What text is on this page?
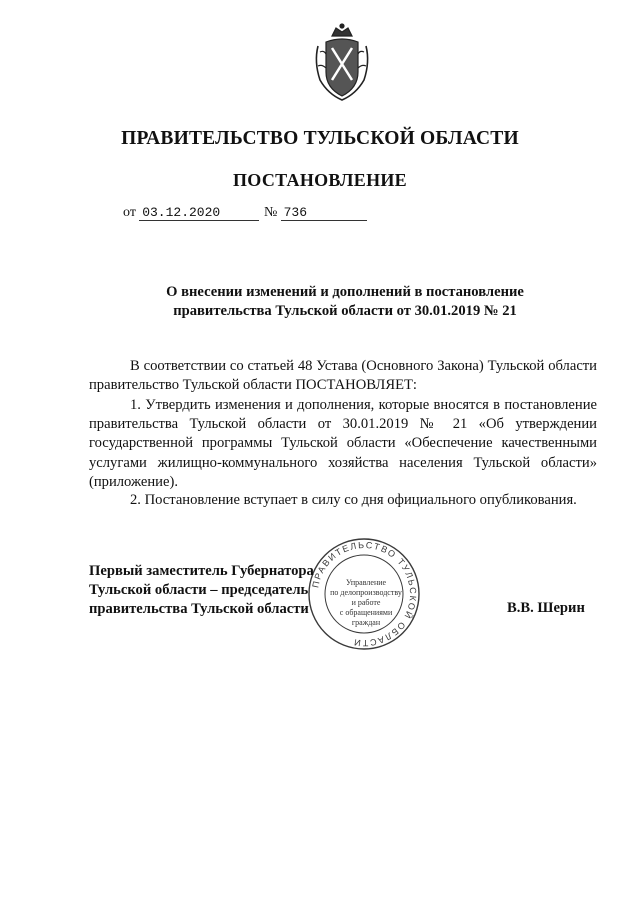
ПРАВИТЕЛЬСТВО ТУЛЬСКОЙ ОБЛАСТИ
ПОСТАНОВЛЕНИЕ
от 03.12.2020	№ 736
О внесении изменений и дополнений в постановление
правительства Тульской области от 30.01.2019 № 21

В соответствии со статьей 48 Устава (Основного Закона) Тульской области правительство Тульской области ПОСТАНОВЛЯЕТ:

1. Утвердить изменения и дополнения, которые вносятся в постановление правительства Тульской области от 30.01.2019 № 21 «Об утверждении государственной программы Тульской области «Обеспечение качественными услугами жилищно-коммунального хозяйства населения Тульской области» (приложение).

2. Постановление вступает в силу со дня официального опубликования.

ПРАВИТЕЛЬСТВО ТУЛЬСКОЙ ОБЛАСТИ
Управление
по делопроизводству
и работе
с обращениями
граждан
Первый заместитель Губернатора
Тульской области – председатель
правительства Тульской области	В.В. Шерин
